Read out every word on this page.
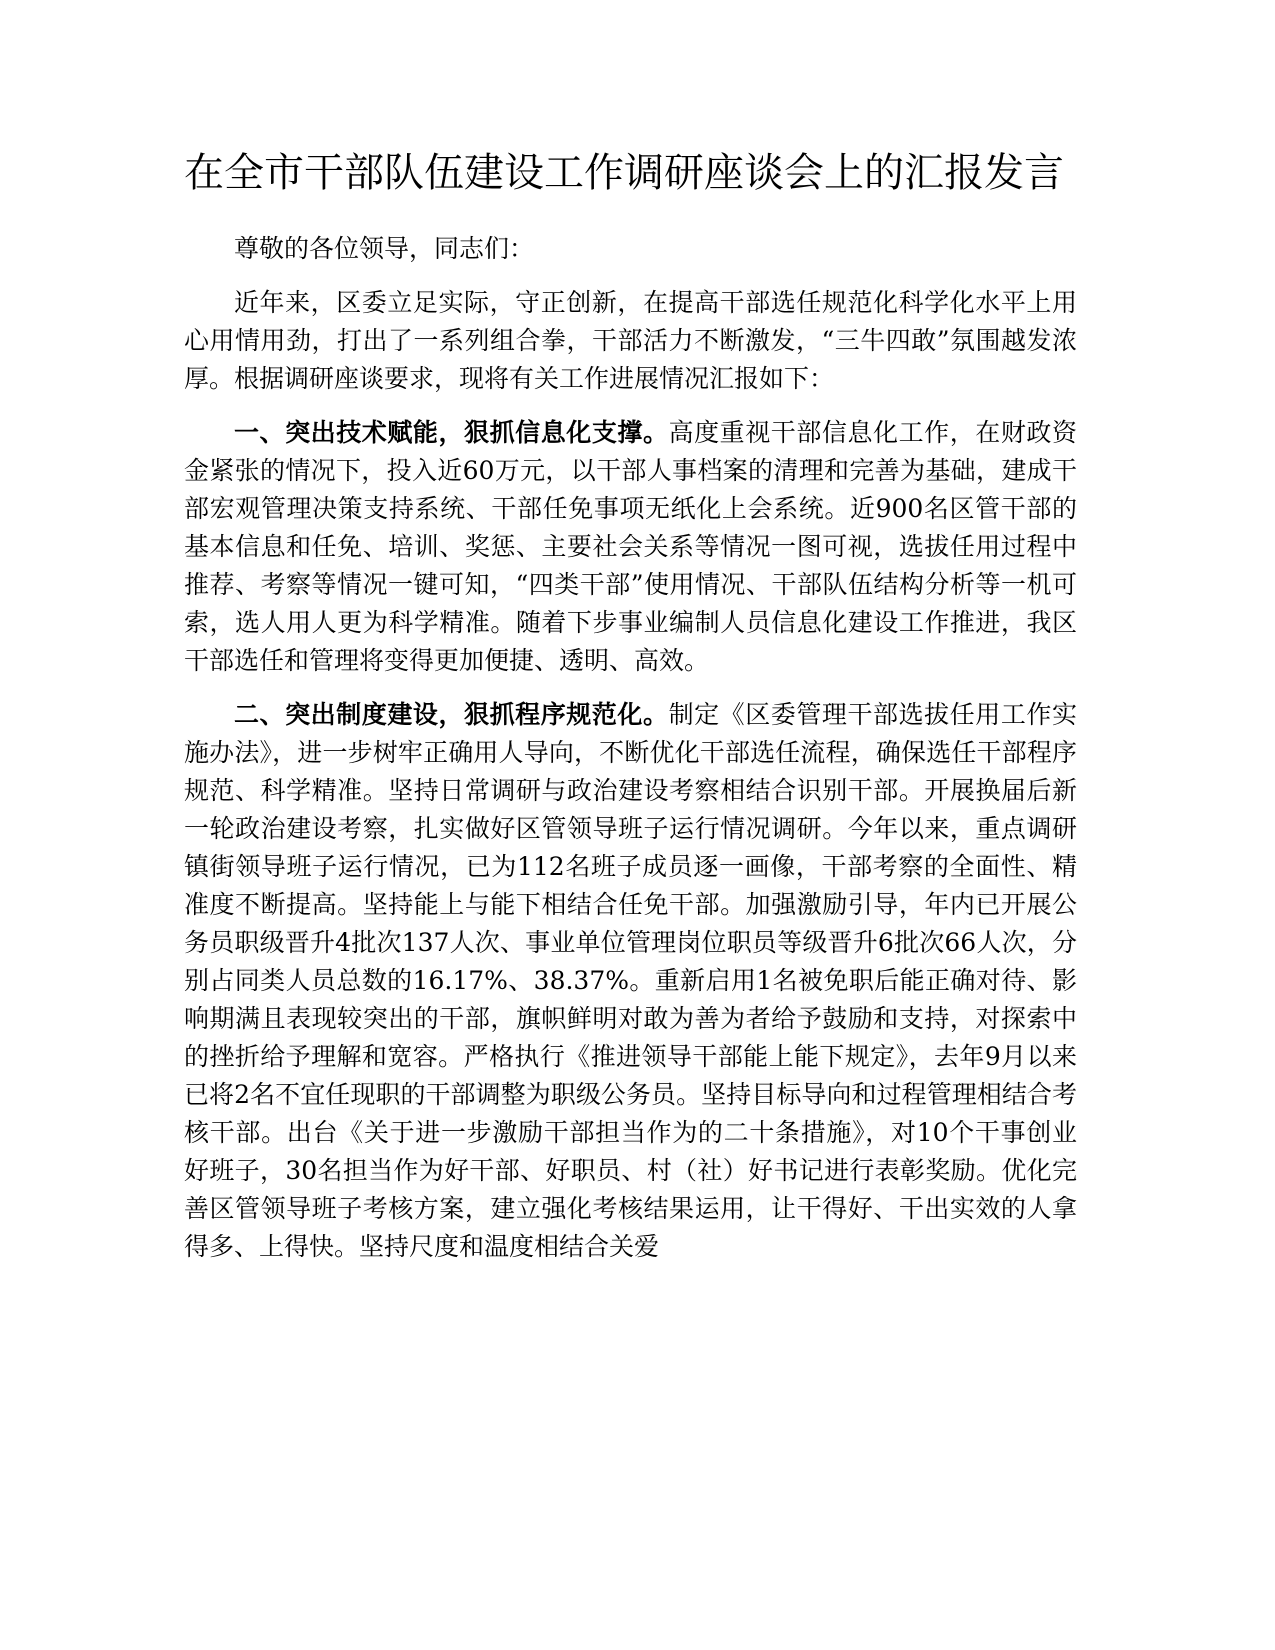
在全市干部队伍建设工作调研座谈会上的汇报发言

尊敬的各位领导，同志们：

近年来，区委立足实际，守正创新，在提高干部选任规范化科学化水平上用心用情用劲，打出了一系列组合拳，干部活力不断激发，“三牛四敢”氛围越发浓厚。根据调研座谈要求，现将有关工作进展情况汇报如下：

一、突出技术赋能，狠抓信息化支撑。高度重视干部信息化工作，在财政资金紧张的情况下，投入近60万元，以干部人事档案的清理和完善为基础，建成干部宏观管理决策支持系统、干部任免事项无纸化上会系统。近900名区管干部的基本信息和任免、培训、奖惩、主要社会关系等情况一图可视，选拔任用过程中推荐、考察等情况一键可知，“四类干部”使用情况、干部队伍结构分析等一机可索，选人用人更为科学精准。随着下步事业编制人员信息化建设工作推进，我区干部选任和管理将变得更加便捷、透明、高效。

二、突出制度建设，狠抓程序规范化。制定《区委管理干部选拔任用工作实施办法》，进一步树牢正确用人导向，不断优化干部选任流程，确保选任干部程序规范、科学精准。坚持日常调研与政治建设考察相结合识别干部。开展换届后新一轮政治建设考察，扎实做好区管领导班子运行情况调研。今年以来，重点调研镇街领导班子运行情况，已为112名班子成员逐一画像，干部考察的全面性、精准度不断提高。坚持能上与能下相结合任免干部。加强激励引导，年内已开展公务员职级晋升4批次137人次、事业单位管理岗位职员等级晋升6批次66人次，分别占同类人员总数的16.17%、38.37%。重新启用1名被免职后能正确对待、影响期满且表现较突出的干部，旗帜鲜明对敢为善为者给予鼓励和支持，对探索中的挫折给予理解和宽容。严格执行《推进领导干部能上能下规定》，去年9月以来已将2名不宜任现职的干部调整为职级公务员。坚持目标导向和过程管理相结合考核干部。出台《关于进一步激励干部担当作为的二十条措施》，对10个干事创业好班子，30名担当作为好干部、好职员、村（社）好书记进行表彰奖励。优化完善区管领导班子考核方案，建立强化考核结果运用，让干得好、干出实效的人拿得多、上得快。坚持尺度和温度相结合关爱
